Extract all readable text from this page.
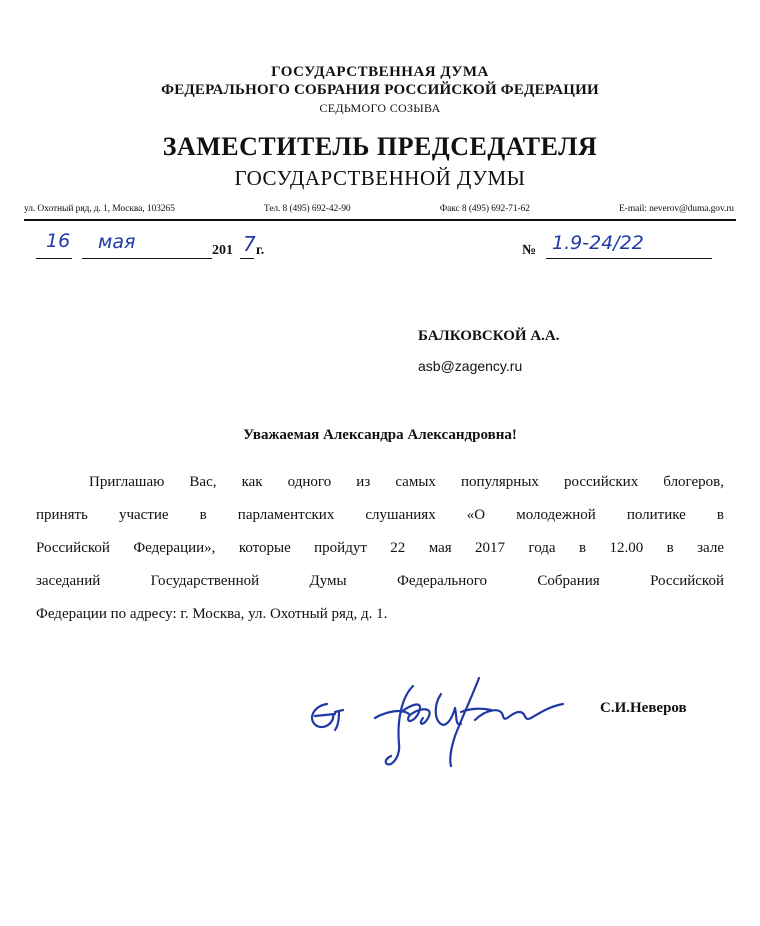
ГОСУДАРСТВЕННАЯ ДУМА
ФЕДЕРАЛЬНОГО СОБРАНИЯ РОССИЙСКОЙ ФЕДЕРАЦИИ
СЕДЬМОГО СОЗЫВА
ЗАМЕСТИТЕЛЬ ПРЕДСЕДАТЕЛЯ
ГОСУДАРСТВЕННОЙ ДУМЫ
ул. Охотный ряд, д. 1, Москва, 103265	Тел. 8 (495) 692-42-90	Факс 8 (495) 692-71-62	E-mail: neverov@duma.gov.ru
16 мая	201 7 г.	№ 1.9-24/22
БАЛКОВСКОЙ А.А.
asb@zagency.ru
Уважаемая Александра Александровна!
Приглашаю Вас, как одного из самых популярных российских блогеров,
принять участие в парламентских слушаниях «О молодежной политике в
Российской Федерации», которые пройдут 22 мая 2017 года в 12.00 в зале
заседаний Государственной Думы Федерального Собрания Российской
Федерации по адресу: г. Москва, ул. Охотный ряд, д. 1.
С.И.Неверов
